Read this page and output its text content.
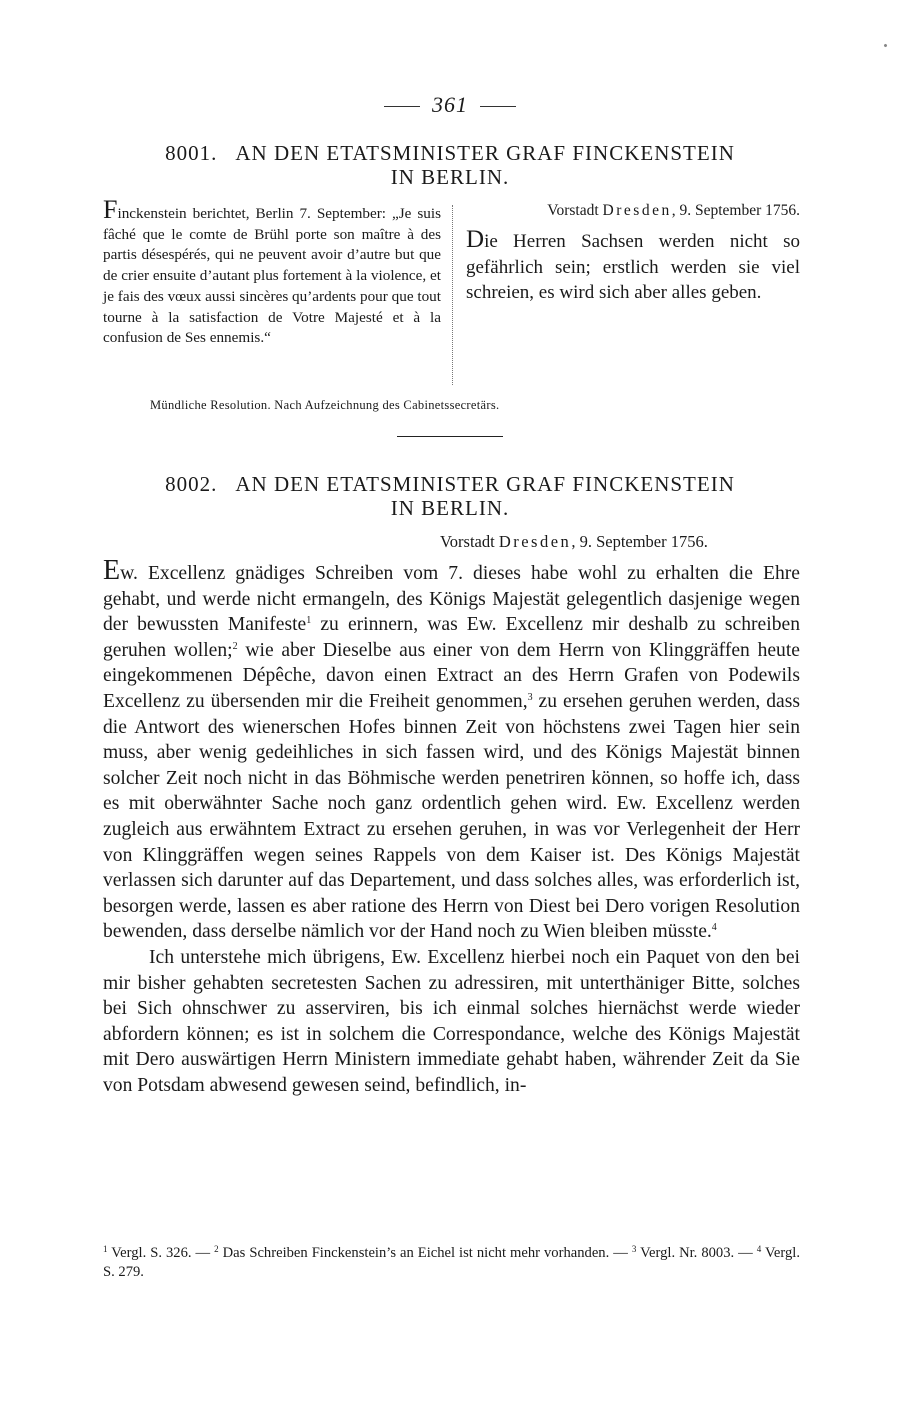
361
8001. AN DEN ETATSMINISTER GRAF FINCKENSTEIN
IN BERLIN.
Finckenstein berichtet, Berlin 7. September: „Je suis fâché que le comte de Brühl porte son maître à des partis désespérés, qui ne peuvent avoir d’autre but que de crier ensuite d’autant plus fortement à la violence, et je fais des vœux aussi sincères qu’ardents pour que tout tourne à la satisfaction de Votre Majesté et à la confusion de Ses ennemis.“
Vorstadt Dresden, 9. September 1756.
Die Herren Sachsen werden nicht so gefährlich sein; erstlich werden sie viel schreien, es wird sich aber alles geben.
Mündliche Resolution. Nach Aufzeichnung des Cabinetssecretärs.
8002. AN DEN ETATSMINISTER GRAF FINCKENSTEIN
IN BERLIN.
Vorstadt Dresden, 9. September 1756.

Ew. Excellenz gnädiges Schreiben vom 7. dieses habe wohl zu erhalten die Ehre gehabt, und werde nicht ermangeln, des Königs Majestät gelegentlich dasjenige wegen der bewussten Manifeste$^1$ zu erinnern, was Ew. Excellenz mir deshalb zu schreiben geruhen wollen;$^2$ wie aber Dieselbe aus einer von dem Herrn von Klinggräffen heute eingekommenen Dépêche, davon einen Extract an des Herrn Grafen von Podewils Excellenz zu übersenden mir die Freiheit genommen,$^3$ zu ersehen geruhen werden, dass die Antwort des wienerschen Hofes binnen Zeit von höchstens zwei Tagen hier sein muss, aber wenig gedeihliches in sich fassen wird, und des Königs Majestät binnen solcher Zeit noch nicht in das Böhmische werden penetriren können, so hoffe ich, dass es mit oberwähnter Sache noch ganz ordentlich gehen wird. Ew. Excellenz werden zugleich aus erwähntem Extract zu ersehen geruhen, in was vor Verlegenheit der Herr von Klinggräffen wegen seines Rappels von dem Kaiser ist. Des Königs Majestät verlassen sich darunter auf das Departement, und dass solches alles, was erforderlich ist, besorgen werde, lassen es aber ratione des Herrn von Diest bei Dero vorigen Resolution bewenden, dass derselbe nämlich vor der Hand noch zu Wien bleiben müsste.$^4$

Ich unterstehe mich übrigens, Ew. Excellenz hierbei noch ein Paquet von den bei mir bisher gehabten secretesten Sachen zu adressiren, mit unterthäniger Bitte, solches bei Sich ohnschwer zu asserviren, bis ich einmal solches hiernächst werde wieder abfordern können; es ist in solchem die Correspondance, welche des Königs Majestät mit Dero auswärtigen Herrn Ministern immediate gehabt haben, währender Zeit da Sie von Potsdam abwesend gewesen seind, befindlich, in-

$^1$ Vergl. S. 326. — $^2$ Das Schreiben Finckenstein’s an Eichel ist nicht mehr vorhanden. — $^3$ Vergl. Nr. 8003. — $^4$ Vergl. S. 279.
